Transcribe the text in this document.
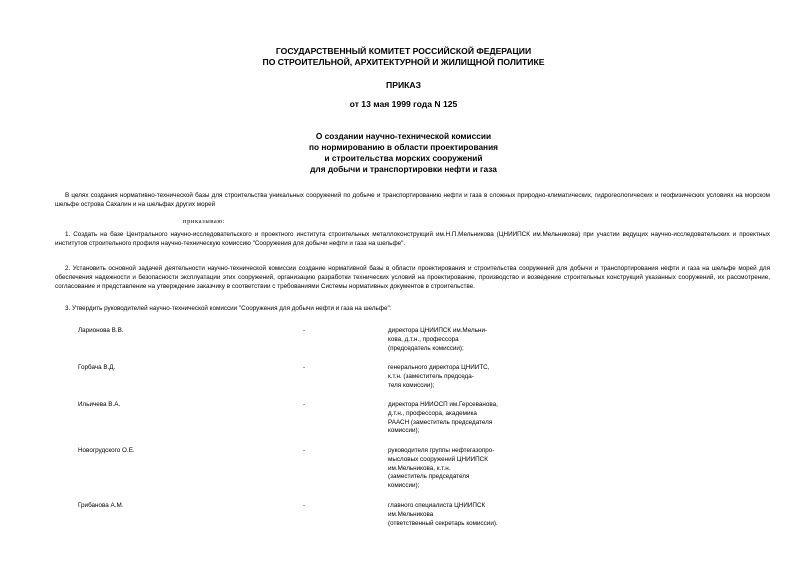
ГОСУДАРСТВЕННЫЙ КОМИТЕТ РОССИЙСКОЙ ФЕДЕРАЦИИ
ПО СТРОИТЕЛЬНОЙ, АРХИТЕКТУРНОЙ И ЖИЛИЩНОЙ ПОЛИТИКЕ
ПРИКАЗ
от 13 мая 1999 года N 125
О создании научно-технической комиссии
по нормированию в области проектирования
и строительства морских сооружений
для добычи и транспортировки нефти и газа
В целях создания нормативно-технической базы для строительства уникальных сооружений по добыче и транспортированию нефти и газа в сложных природно-климатических, гидрогеологических и геофизических условиях на морском шельфе острова Сахалин и на шельфах других морей
приказываю:
1. Создать на базе Центрального научно-исследовательского и проектного института строительных металлоконструкций им.Н.П.Мельникова (ЦНИИПСК им.Мельникова) при участии ведущих научно-исследовательских и проектных институтов строительного профиля научно-техническую комиссию "Сооружения для добычи нефти и газа на шельфе".
2. Установить основной задачей деятельности научно-технической комиссии создание нормативной базы в области проектирования и строительства сооружений для добычи и транспортирования нефти и газа на шельфе морей для обеспечения надежности и безопасности эксплуатации этих сооружений, организацию разработки технических условий на проектирование, производство и возведение строительных конструкций указанных сооружений, их рассмотрение, согласование и представление на утверждение заказчику в соответствии с требованиями Системы нормативных документов в строительстве.
3. Утвердить руководителей научно-технической комиссии "Сооружения для добычи нефти и газа на шельфе":
Ларионова В.В.	-	директора ЦНИИПСК им.Мельни-
кова, д.т.н., профессора
(председатель комиссии);
Горбача В.Д.	-	генерального директора ЦНИИТС,
к.т.н. (заместитель председа-
теля комиссии);
Ильичева В.А.	-	директора НИИОСП им.Герсеванова,
д.т.н., профессора, академика
РААСН (заместитель председателя
комиссии);
Новогрудского О.Е.	-	руководителя группы нефтегазопро-
мысловых сооружений ЦНИИПСК
им.Мельникова, к.т.н.
(заместитель председателя
комиссии);
Грибанова А.М.	-	главного специалиста ЦНИИПСК
им.Мельникова
(ответственный секретарь комиссии).
